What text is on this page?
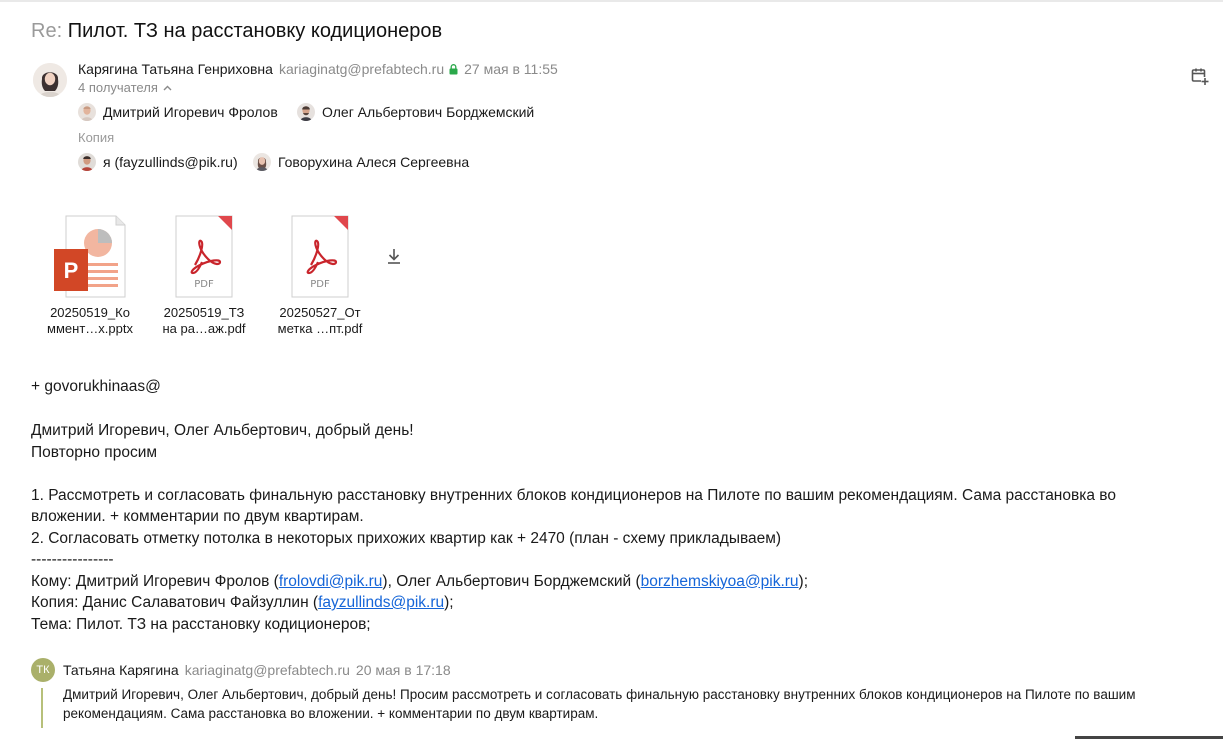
Re: Пилот. ТЗ на расстановку кодиционеров
Карягина Татьяна Генриховна kariaginatg@prefabtech.ru 27 мая в 11:55
4 получателя
Дмитрий Игоревич Фролов	Олег Альбертович Борджемский
Копия
я (fayzullinds@pik.ru)	Говорухина Алеся Сергеевна
P
20250519_Ко
ммент…x.pptx
PDF
20250519_ТЗ
на ра…аж.pdf
PDF
20250527_От
метка …пт.pdf
+ govorukhinaas@
Дмитрий Игоревич, Олег Альбертович, добрый день!
Повторно просим
1. Рассмотреть и согласовать финальную расстановку внутренних блоков кондиционеров на Пилоте по вашим рекомендациям. Сама расстановка во
вложении. + комментарии по двум квартирам.
2. Согласовать отметку потолка в некоторых прихожих квартир как + 2470 (план - схему прикладываем)
----------------
Кому: Дмитрий Игоревич Фролов (frolovdi@pik.ru), Олег Альбертович Борджемский (borzhemskiyoa@pik.ru);
Копия: Данис Салаватович Файзуллин (fayzullinds@pik.ru);
Тема: Пилот. ТЗ на расстановку кодиционеров;
ТК Татьяна Карягина kariaginatg@prefabtech.ru 20 мая в 17:18
Дмитрий Игоревич, Олег Альбертович, добрый день! Просим рассмотреть и согласовать финальную расстановку внутренних блоков кондиционеров на Пилоте по вашим рекомендациям. Сама расстановка во вложении. + комментарии по двум квартирам.
